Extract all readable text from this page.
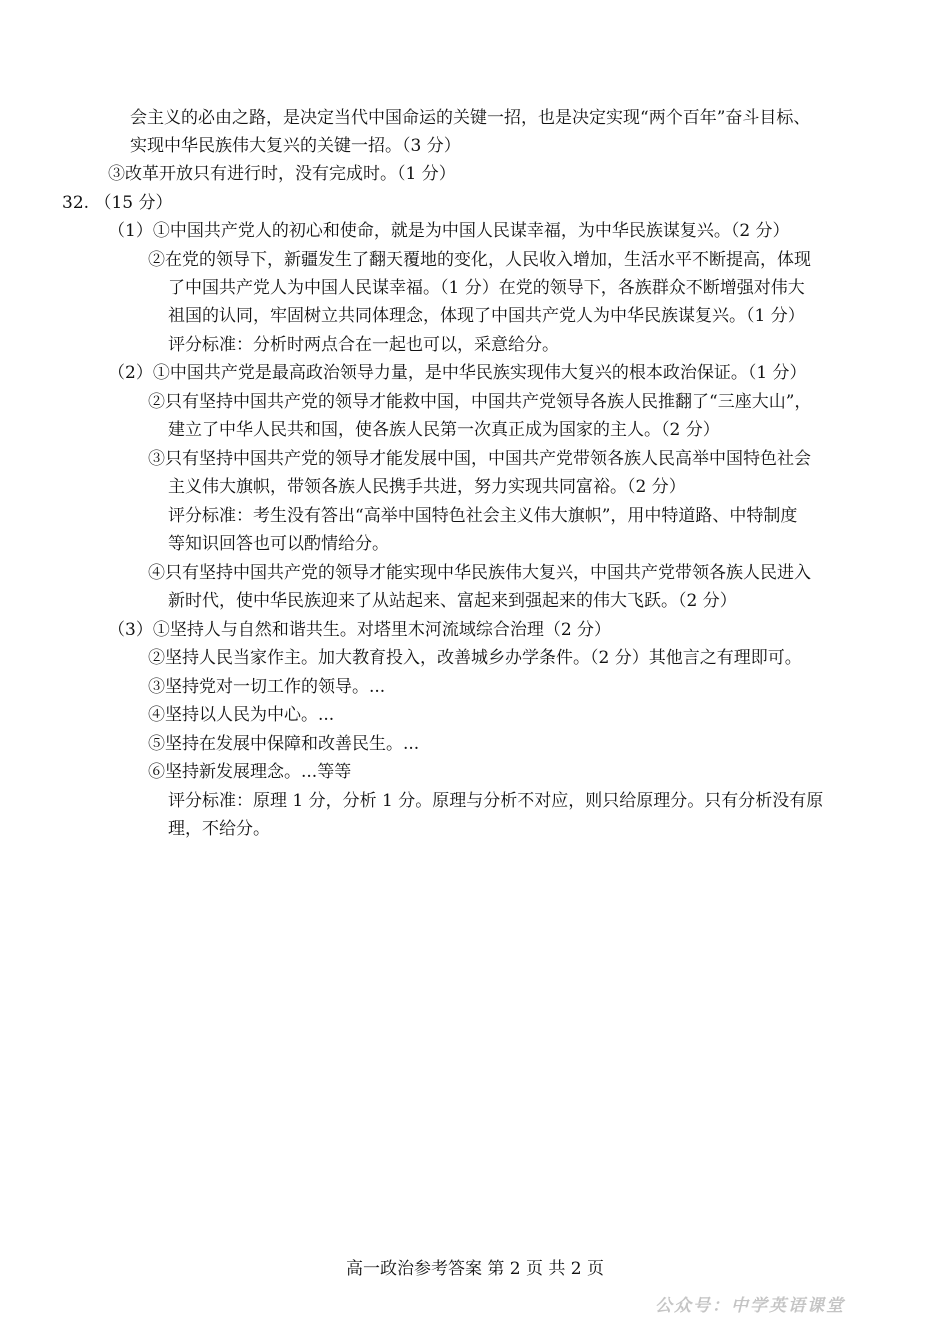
会主义的必由之路，是决定当代中国命运的关键一招，也是决定实现“两个百年”奋斗目标、
实现中华民族伟大复兴的关键一招。（3 分）
③改革开放只有进行时，没有完成时。（1 分）
32. （15 分）
（1）①中国共产党人的初心和使命，就是为中国人民谋幸福，为中华民族谋复兴。（2 分）
②在党的领导下，新疆发生了翻天覆地的变化，人民收入增加，生活水平不断提高，体现
了中国共产党人为中国人民谋幸福。（1 分）在党的领导下，各族群众不断增强对伟大
祖国的认同，牢固树立共同体理念，体现了中国共产党人为中华民族谋复兴。（1 分）
评分标准：分析时两点合在一起也可以，采意给分。
（2）①中国共产党是最高政治领导力量，是中华民族实现伟大复兴的根本政治保证。（1 分）
②只有坚持中国共产党的领导才能救中国，中国共产党领导各族人民推翻了“三座大山”，
建立了中华人民共和国，使各族人民第一次真正成为国家的主人。（2 分）
③只有坚持中国共产党的领导才能发展中国，中国共产党带领各族人民高举中国特色社会
主义伟大旗帜，带领各族人民携手共进，努力实现共同富裕。（2 分）
评分标准：考生没有答出“高举中国特色社会主义伟大旗帜”，用中特道路、中特制度
等知识回答也可以酌情给分。
④只有坚持中国共产党的领导才能实现中华民族伟大复兴，中国共产党带领各族人民进入
新时代，使中华民族迎来了从站起来、富起来到强起来的伟大飞跃。（2 分）
（3）①坚持人与自然和谐共生。对塔里木河流域综合治理（2 分）
②坚持人民当家作主。加大教育投入，改善城乡办学条件。（2 分）其他言之有理即可。
③坚持党对一切工作的领导。...
④坚持以人民为中心。...
⑤坚持在发展中保障和改善民生。...
⑥坚持新发展理念。...等等
评分标准：原理 1 分，分析 1 分。原理与分析不对应，则只给原理分。只有分析没有原
理，不给分。
高一政治参考答案 第 2 页 共 2 页
公众号：中学英语课堂
